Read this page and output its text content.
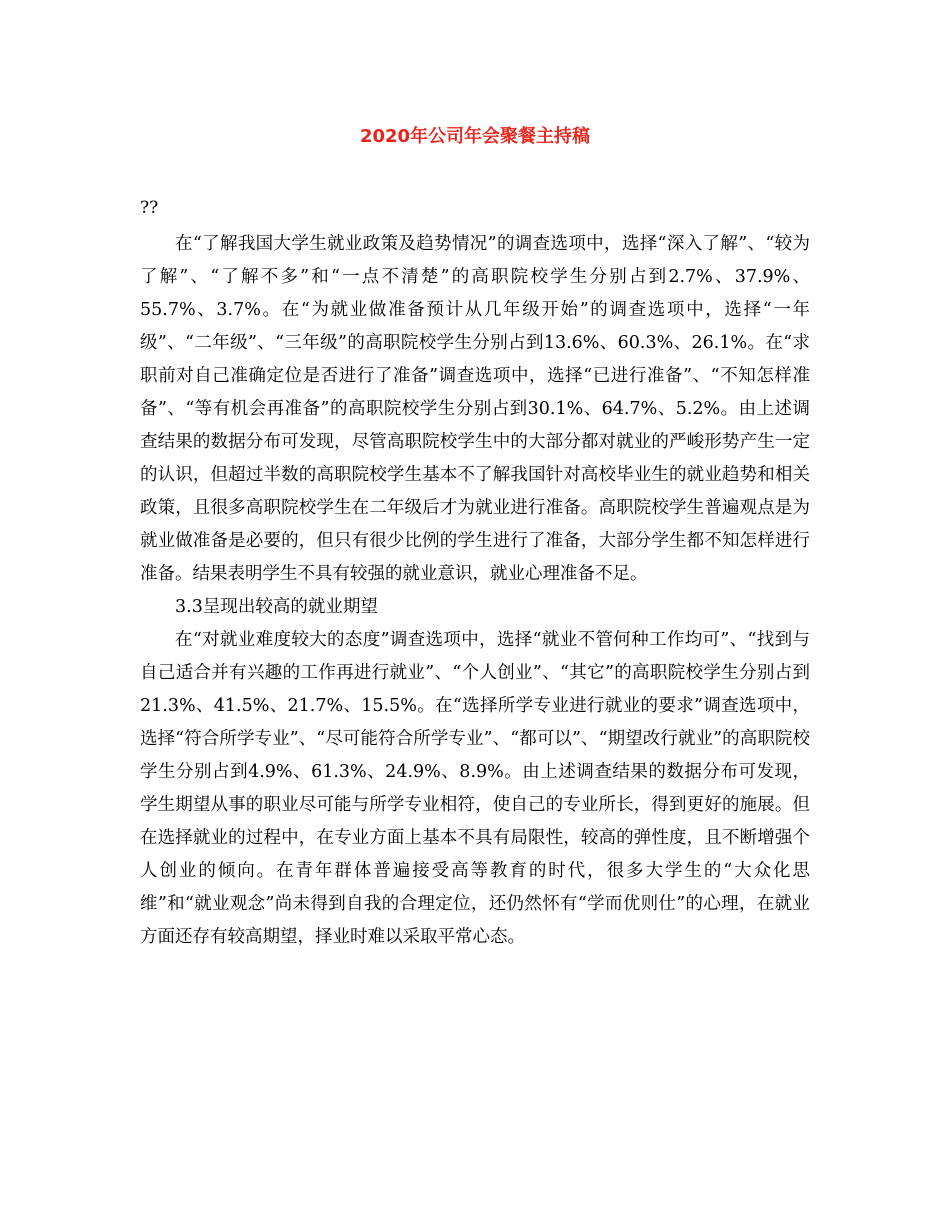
2020年公司年会聚餐主持稿
??

在“了解我国大学生就业政策及趋势情况”的调查选项中，选择“深入了解”、“较为了解”、“了解不多”和“一点不清楚”的高职院校学生分别占到2.7%、37.9%、55.7%、3.7%。在“为就业做准备预计从几年级开始”的调查选项中，选择“一年级”、“二年级”、“三年级”的高职院校学生分别占到13.6%、60.3%、26.1%。在“求职前对自己准确定位是否进行了准备”调查选项中，选择“已进行准备”、“不知怎样准备”、“等有机会再准备”的高职院校学生分别占到30.1%、64.7%、5.2%。由上述调查结果的数据分布可发现，尽管高职院校学生中的大部分都对就业的严峻形势产生一定的认识，但超过半数的高职院校学生基本不了解我国针对高校毕业生的就业趋势和相关政策，且很多高职院校学生在二年级后才为就业进行准备。高职院校学生普遍观点是为就业做准备是必要的，但只有很少比例的学生进行了准备，大部分学生都不知怎样进行准备。结果表明学生不具有较强的就业意识，就业心理准备不足。

3.3呈现出较高的就业期望

在“对就业难度较大的态度”调查选项中，选择“就业不管何种工作均可”、“找到与自己适合并有兴趣的工作再进行就业”、“个人创业”、“其它”的高职院校学生分别占到21.3%、41.5%、21.7%、15.5%。在“选择所学专业进行就业的要求”调查选项中，选择“符合所学专业”、“尽可能符合所学专业”、“都可以”、“期望改行就业”的高职院校学生分别占到4.9%、61.3%、24.9%、8.9%。由上述调查结果的数据分布可发现，学生期望从事的职业尽可能与所学专业相符，使自己的专业所长，得到更好的施展。但在选择就业的过程中，在专业方面上基本不具有局限性，较高的弹性度，且不断增强个人创业的倾向。在青年群体普遍接受高等教育的时代，很多大学生的“大众化思维”和“就业观念”尚未得到自我的合理定位，还仍然怀有“学而优则仕”的心理，在就业方面还存有较高期望，择业时难以采取平常心态。
